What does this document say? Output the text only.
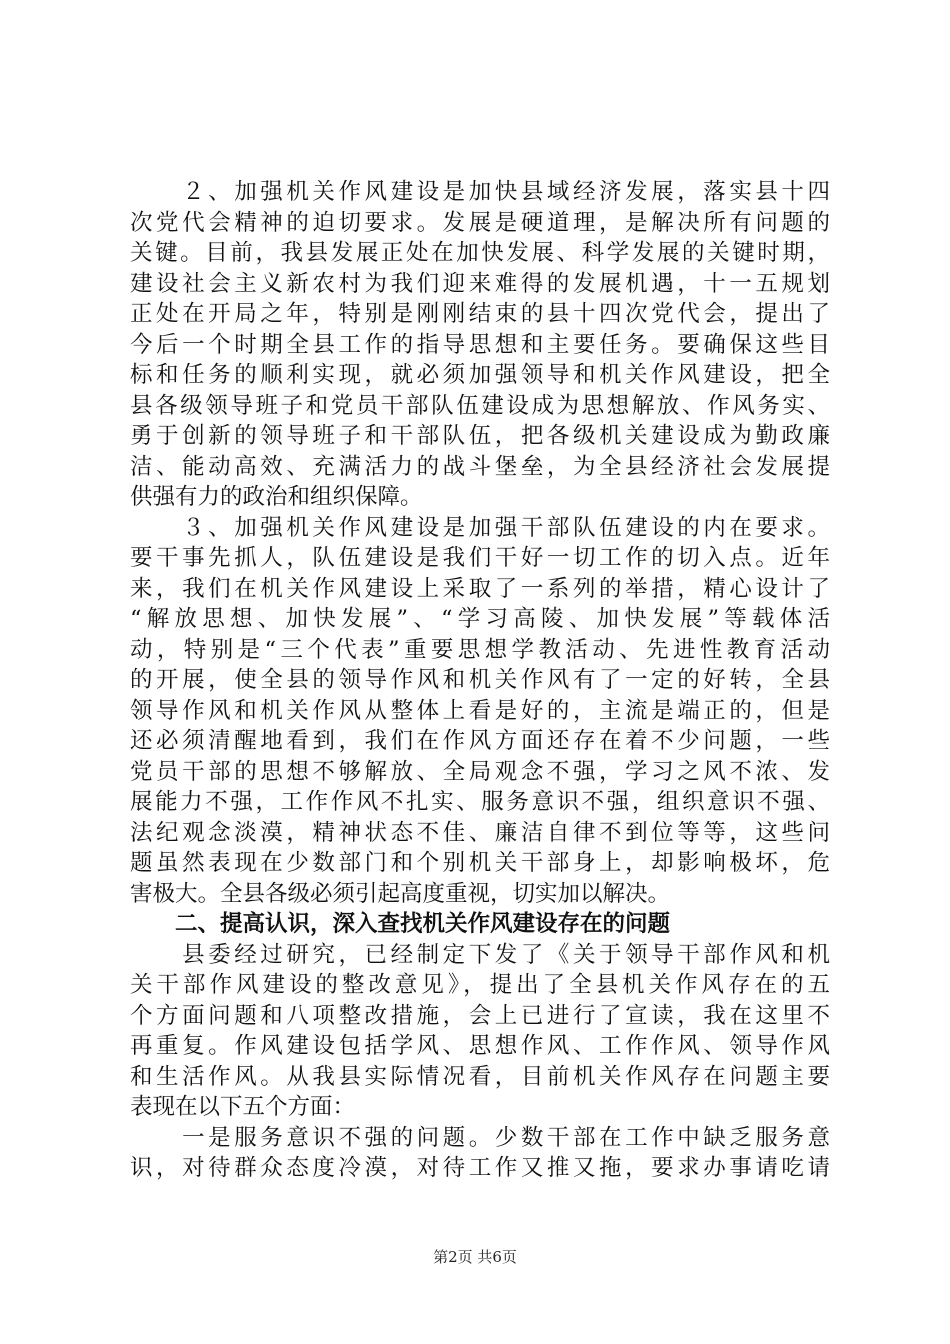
　　２、加强机关作风建设是加快县域经济发展，落实县十四
次党代会精神的迫切要求。发展是硬道理，是解决所有问题的
关键。目前，我县发展正处在加快发展、科学发展的关键时期，
建设社会主义新农村为我们迎来难得的发展机遇，十一五规划
正处在开局之年，特别是刚刚结束的县十四次党代会，提出了
今后一个时期全县工作的指导思想和主要任务。要确保这些目
标和任务的顺利实现，就必须加强领导和机关作风建设，把全
县各级领导班子和党员干部队伍建设成为思想解放、作风务实、
勇于创新的领导班子和干部队伍，把各级机关建设成为勤政廉
洁、能动高效、充满活力的战斗堡垒，为全县经济社会发展提
供强有力的政治和组织保障。
　　３、加强机关作风建设是加强干部队伍建设的内在要求。
要干事先抓人，队伍建设是我们干好一切工作的切入点。近年
来，我们在机关作风建设上采取了一系列的举措，精心设计了
“解放思想、加快发展”、“学习高陵、加快发展”等载体活
动，特别是“三个代表”重要思想学教活动、先进性教育活动
的开展，使全县的领导作风和机关作风有了一定的好转，全县
领导作风和机关作风从整体上看是好的，主流是端正的，但是
还必须清醒地看到，我们在作风方面还存在着不少问题，一些
党员干部的思想不够解放、全局观念不强，学习之风不浓、发
展能力不强，工作作风不扎实、服务意识不强，组织意识不强、
法纪观念淡漠，精神状态不佳、廉洁自律不到位等等，这些问
题虽然表现在少数部门和个别机关干部身上，却影响极坏，危
害极大。全县各级必须引起高度重视，切实加以解决。
　　二、提高认识，深入查找机关作风建设存在的问题
　　县委经过研究，已经制定下发了《关于领导干部作风和机
关干部作风建设的整改意见》，提出了全县机关作风存在的五
个方面问题和八项整改措施，会上已进行了宣读，我在这里不
再重复。作风建设包括学风、思想作风、工作作风、领导作风
和生活作风。从我县实际情况看，目前机关作风存在问题主要
表现在以下五个方面：
　　一是服务意识不强的问题。少数干部在工作中缺乏服务意
识，对待群众态度冷漠，对待工作又推又拖，要求办事请吃请
第2页 共6页
